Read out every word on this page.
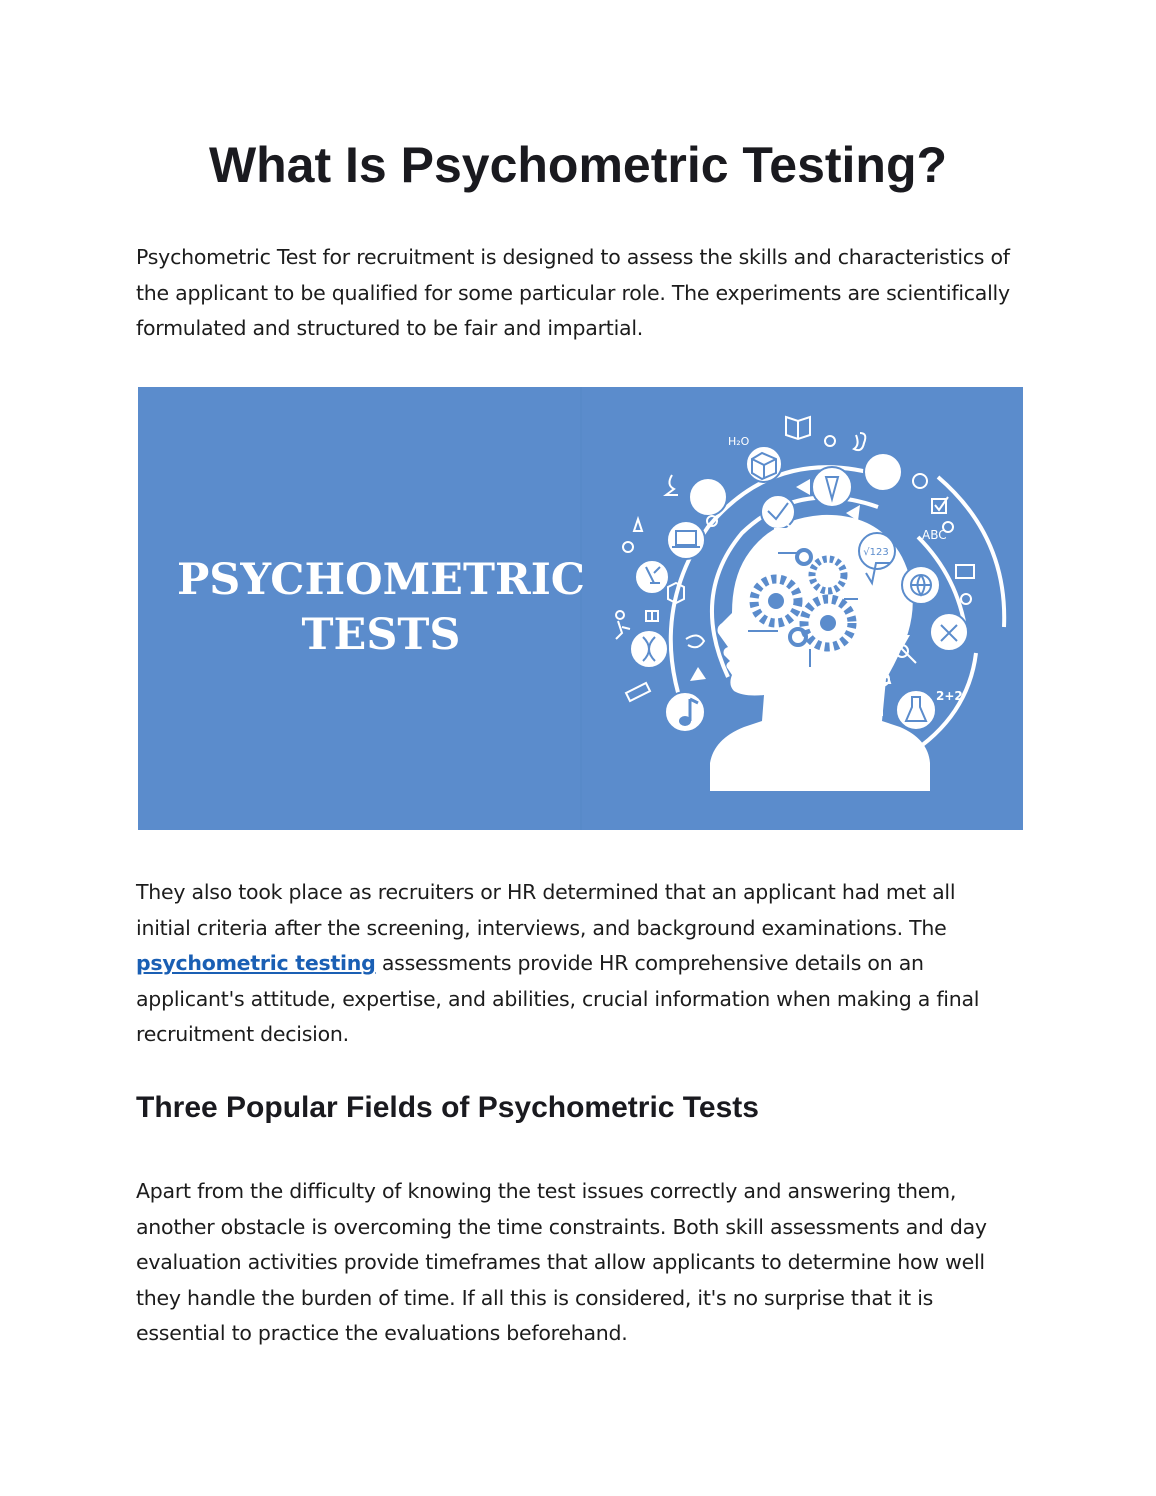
What Is Psychometric Testing?

Psychometric Test for recruitment is designed to assess the skills and characteristics of the applicant to be qualified for some particular role. The experiments are scientifically formulated and structured to be fair and impartial.

PSYCHOMETRIC
TESTS
H₂O
√123
ABC
2+2

They also took place as recruiters or HR determined that an applicant had met all initial criteria after the screening, interviews, and background examinations. The psychometric testing assessments provide HR comprehensive details on an applicant's attitude, expertise, and abilities, crucial information when making a final recruitment decision.

Three Popular Fields of Psychometric Tests

Apart from the difficulty of knowing the test issues correctly and answering them, another obstacle is overcoming the time constraints. Both skill assessments and day evaluation activities provide timeframes that allow applicants to determine how well they handle the burden of time. If all this is considered, it's no surprise that it is essential to practice the evaluations beforehand.
